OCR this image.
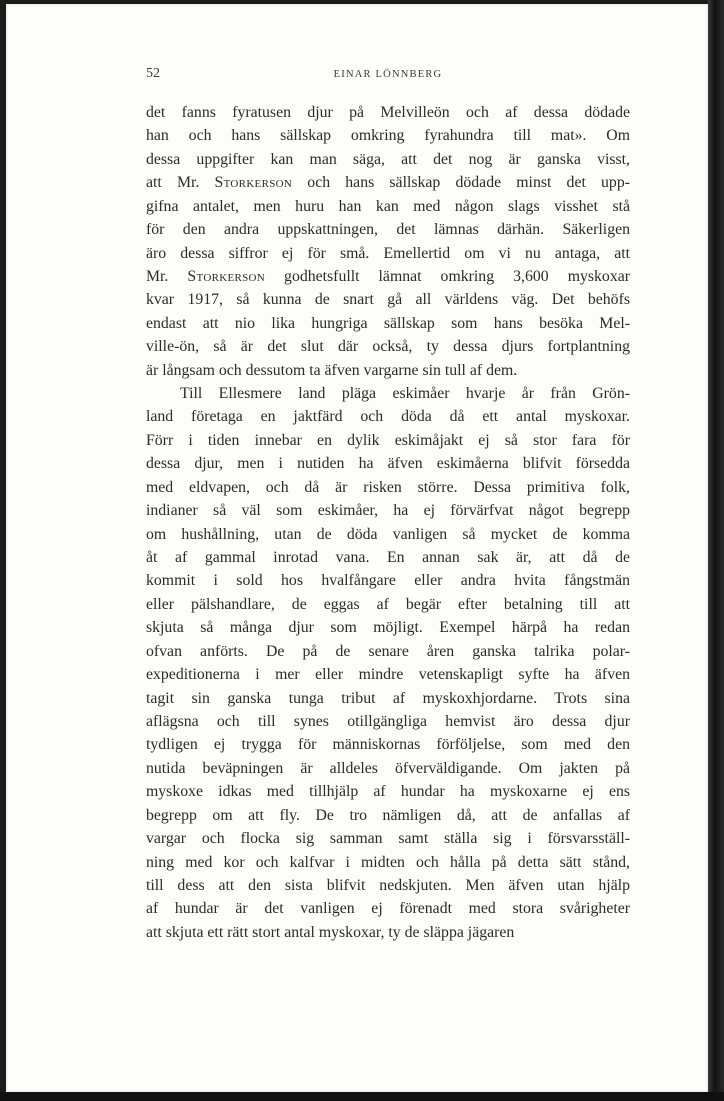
52	EINAR LÖNNBERG
det fanns fyratusen djur på Melvilleön och af dessa dödade
han och hans sällskap omkring fyrahundra till mat». Om
dessa uppgifter kan man säga, att det nog är ganska visst,
att Mr. Storkerson och hans sällskap dödade minst det upp-
gifna antalet, men huru han kan med någon slags visshet stå
för den andra uppskattningen, det lämnas därhän. Säkerligen
äro dessa siffror ej för små. Emellertid om vi nu antaga, att
Mr. Storkerson godhetsfullt lämnat omkring 3,600 myskoxar
kvar 1917, så kunna de snart gå all världens väg. Det behöfs
endast att nio lika hungriga sällskap som hans besöka Mel-
ville-ön, så är det slut där också, ty dessa djurs fortplantning
är långsam och dessutom ta äfven vargarne sin tull af dem.
Till Ellesmere land pläga eskimåer hvarje år från Grön-
land företaga en jaktfärd och döda då ett antal myskoxar.
Förr i tiden innebar en dylik eskimåjakt ej så stor fara för
dessa djur, men i nutiden ha äfven eskimåerna blifvit försedda
med eldvapen, och då är risken större. Dessa primitiva folk,
indianer så väl som eskimåer, ha ej förvärfvat något begrepp
om hushållning, utan de döda vanligen så mycket de komma
åt af gammal inrotad vana. En annan sak är, att då de
kommit i sold hos hvalfångare eller andra hvita fångstmän
eller pälshandlare, de eggas af begär efter betalning till att
skjuta så många djur som möjligt. Exempel härpå ha redan
ofvan anförts. De på de senare åren ganska talrika polar-
expeditionerna i mer eller mindre vetenskapligt syfte ha äfven
tagit sin ganska tunga tribut af myskoxhjordarne. Trots sina
aflägsna och till synes otillgängliga hemvist äro dessa djur
tydligen ej trygga för människornas förföljelse, som med den
nutida beväpningen är alldeles öfverväldigande. Om jakten på
myskoxe idkas med tillhjälp af hundar ha myskoxarne ej ens
begrepp om att fly. De tro nämligen då, att de anfallas af
vargar och flocka sig samman samt ställa sig i försvarsställ-
ning med kor och kalfvar i midten och hålla på detta sätt stånd,
till dess att den sista blifvit nedskjuten. Men äfven utan hjälp
af hundar är det vanligen ej förenadt med stora svårigheter
att skjuta ett rätt stort antal myskoxar, ty de släppa jägaren
